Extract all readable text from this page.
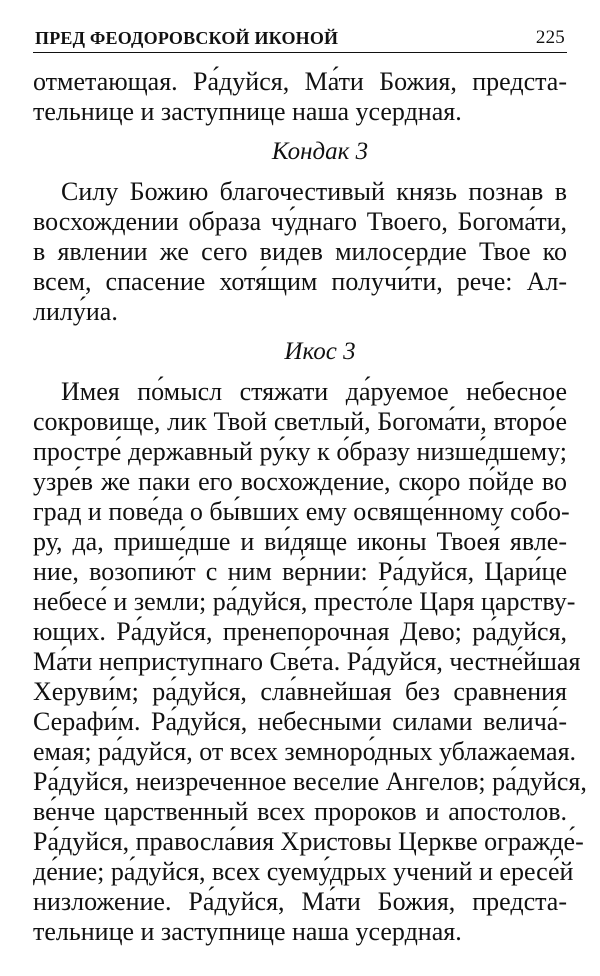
ПРЕД ФЕОДОРОВСКОЙ ИКОНОЙ	225

отметающая. Ра́дуйся, Ма́ти Божия, предста-
тельнице и заступнице наша усердная.

Кондак 3

Силу Божию благочестивый князь познав в
восхождении образа чу́днаго Твоего, Богома́ти,
в явлении же сего видев милосердие Твое ко
всем, спасение хотя́щим получи́ти, рече: Ал-
лилу́иа.

Икос 3

Имея по́мысл стяжати да́руемое небесное
сокровище, лик Твой светлый, Богома́ти, второ́е
простре́ державный ру́ку к о́бразу низше́дшему;
узре́в же паки его восхождение, скоро по́йде во
град и пове́да о бы́вших ему освяще́нному собо-
ру, да, прише́дше и ви́дяще иконы Твоея́ явле-
ние, возопию́т с ним ве́рнии: Ра́дуйся, Цари́це
небесе́ и земли; ра́дуйся, престо́ле Царя царству-
ющих. Ра́дуйся, пренепорочная Дево; ра́дуйся,
Ма́ти неприступнаго Све́та. Ра́дуйся, честне́йшая
Херуви́м; ра́дуйся, сла́внейшая без сравнения
Серафи́м. Ра́дуйся, небесными силами велича́-
емая; ра́дуйся, от всех земноро́дных ублажаемая.
Ра́дуйся, неизреченное веселие Ангелов; ра́дуйся,
ве́нче царственный всех пророков и апостолов.
Ра́дуйся, правосла́вия Христовы Церкве огражде́-
де́ние; ра́дуйся, всех суему́дрых учений и ересе́й
низложение. Ра́дуйся, Ма́ти Божия, предста-
тельнице и заступнице наша усердная.
